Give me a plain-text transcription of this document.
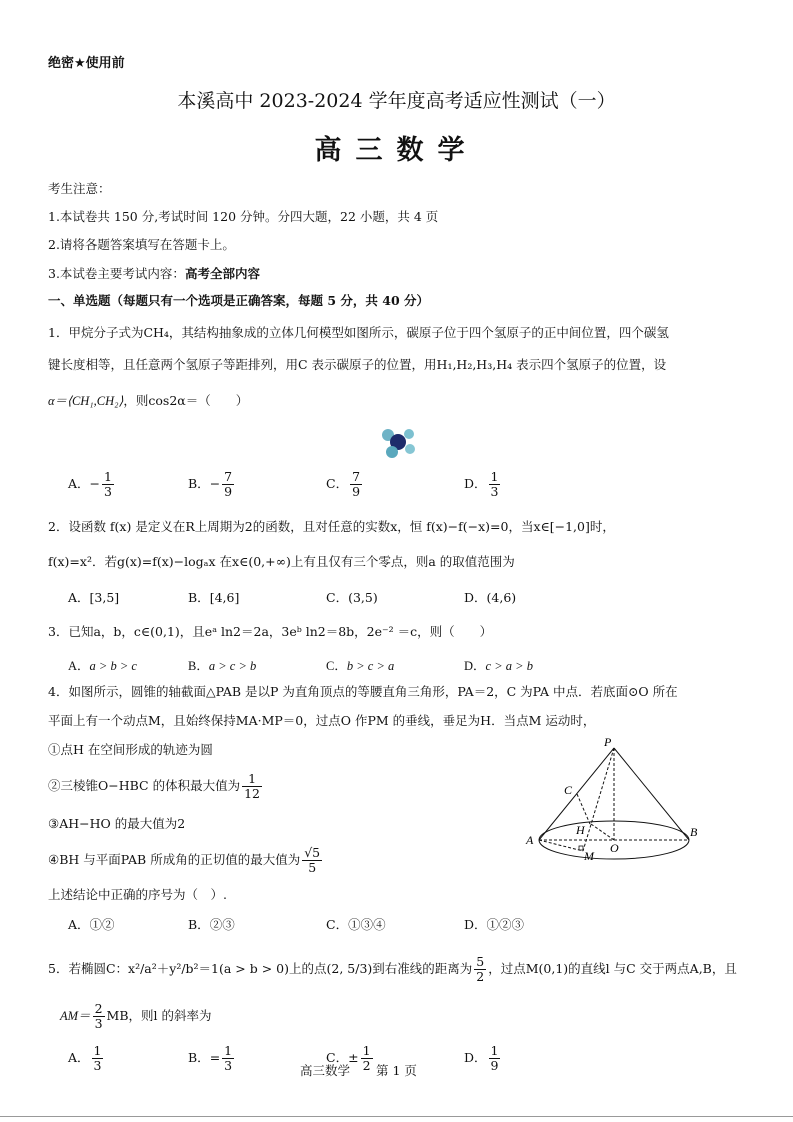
绝密★使用前
本溪高中 2023-2024 学年度高考适应性测试（一）
高三数学
考生注意：
1.本试卷共 150 分,考试时间 120 分钟。分四大题，22 小题，共 4 页
2.请将各题答案填写在答题卡上。
3.本试卷主要考试内容：高考全部内容
一、单选题（每题只有一个选项是正确答案，每题 5 分，共 40 分）
1．甲烷分子式为CH₄，其结构抽象成的立体几何模型如图所示，碳原子位于四个氢原子的正中间位置，四个碳氢
键长度相等，且任意两个氢原子等距排列，用C 表示碳原子的位置，用H₁,H₂,H₃,H₄ 表示四个氢原子的位置，设
α＝⟨CH₁,CH₂⟩，则cos2α＝（　　）
A．− $\frac{1}{3}$	B．− $\frac{7}{9}$	C． $\frac{7}{9}$	D． $\frac{1}{3}$
2．设函数 f(x) 是定义在R上周期为2的函数，且对任意的实数x，恒 f(x)−f(−x)=0，当x∈[−1,0]时，
f(x)=x²．若g(x)=f(x)−logₐx 在x∈(0,+∞)上有且仅有三个零点，则a 的取值范围为
A．[3,5]	B．[4,6]	C．(3,5)	D．(4,6)
3．已知a，b，c∈(0,1)，且eᵃ ln2＝2a，3eᵇ ln2＝8b，2e⁻² ＝c，则（　　）
A．a > b > c	B．a > c > b	C．b > c > a	D．c > a > b
4．如图所示，圆锥的轴截面△PAB 是以P 为直角顶点的等腰直角三角形，PA＝2，C 为PA 中点．若底面⊙O 所在
平面上有一个动点M，且始终保持MA·MP＝0，过点O 作PM 的垂线，垂足为H．当点M 运动时，
①点H 在空间形成的轨迹为圆
②三棱锥O−HBC 的体积最大值为 $\frac{1}{12}$
③AH−HO 的最大值为2
④BH 与平面PAB 所成角的正切值的最大值为 $\frac{√5}{5}$
上述结论中正确的序号为（　）.
P
C
A
B
H
O
M
A．①②	B．②③	C．①③④	D．①②③
5．若椭圆C：x²/a²＋y²/b²＝1(a > b > 0)上的点(2, 5/3)到右准线的距离为 $\frac{5}{2}$ ，过点M(0,1)的直线l 与C 交于两点A,B，且
$AM= \frac{2}{3}$ MB，则l 的斜率为
A． $\frac{1}{3}$	B．= $\frac{1}{3}$	C．± $\frac{1}{2}$	D． $\frac{1}{9}$
高三数学 第 1 页
